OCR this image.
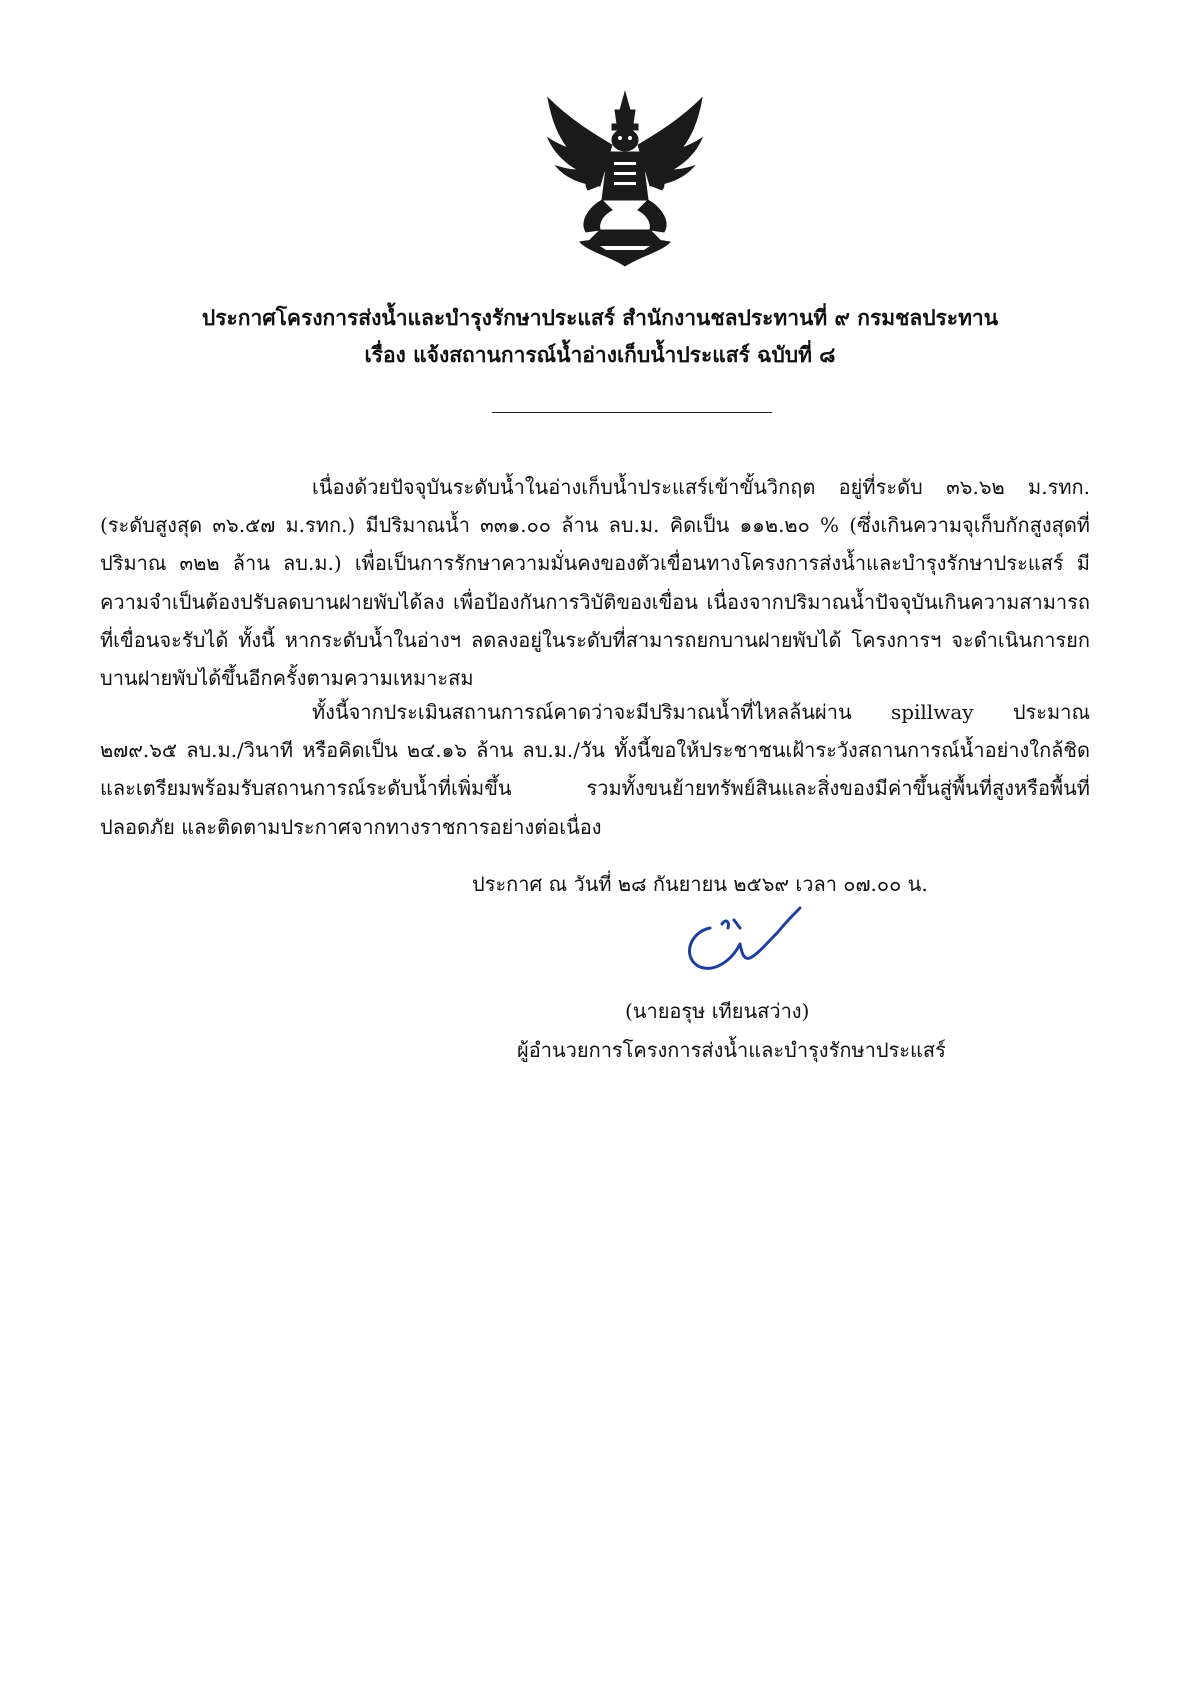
ประกาศโครงการส่งน้ำและบำรุงรักษาประแสร์ สำนักงานชลประทานที่ ๙ กรมชลประทาน
เรื่อง แจ้งสถานการณ์น้ำอ่างเก็บน้ำประแสร์ ฉบับที่ ๘

เนื่องด้วยปัจจุบันระดับน้ำในอ่างเก็บน้ำประแสร์เข้าขั้นวิกฤต อยู่ที่ระดับ ๓๖.๖๒ ม.รทก. (ระดับสูงสุด ๓๖.๕๗ ม.รทก.) มีปริมาณน้ำ ๓๓๑.๐๐ ล้าน ลบ.ม. คิดเป็น ๑๑๒.๒๐ % (ซึ่งเกินความจุเก็บกักสูงสุดที่ปริมาณ ๓๒๒ ล้าน ลบ.ม.) เพื่อเป็นการรักษาความมั่นคงของตัวเขื่อนทางโครงการส่งน้ำและบำรุงรักษาประแสร์ มีความจำเป็นต้องปรับลดบานฝายพับได้ลง เพื่อป้องกันการวิบัติของเขื่อน เนื่องจากปริมาณน้ำปัจจุบันเกินความสามารถที่เขื่อนจะรับได้ ทั้งนี้ หากระดับน้ำในอ่างฯ ลดลงอยู่ในระดับที่สามารถยกบานฝายพับได้ โครงการฯ จะดำเนินการยกบานฝายพับได้ขึ้นอีกครั้งตามความเหมาะสม

ทั้งนี้จากประเมินสถานการณ์คาดว่าจะมีปริมาณน้ำที่ไหลล้นผ่าน spillway ประมาณ ๒๗๙.๖๕ ลบ.ม./วินาที หรือคิดเป็น ๒๔.๑๖ ล้าน ลบ.ม./วัน ทั้งนี้ขอให้ประชาชนเฝ้าระวังสถานการณ์น้ำอย่างใกล้ชิด และเตรียมพร้อมรับสถานการณ์ระดับน้ำที่เพิ่มขึ้น รวมทั้งขนย้ายทรัพย์สินและสิ่งของมีค่าขึ้นสู่พื้นที่สูงหรือพื้นที่ปลอดภัย และติดตามประกาศจากทางราชการอย่างต่อเนื่อง

ประกาศ ณ วันที่ ๒๘ กันยายน ๒๕๖๙ เวลา ๐๗.๐๐ น.
(นายอรุษ เทียนสว่าง)
ผู้อำนวยการโครงการส่งน้ำและบำรุงรักษาประแสร์
